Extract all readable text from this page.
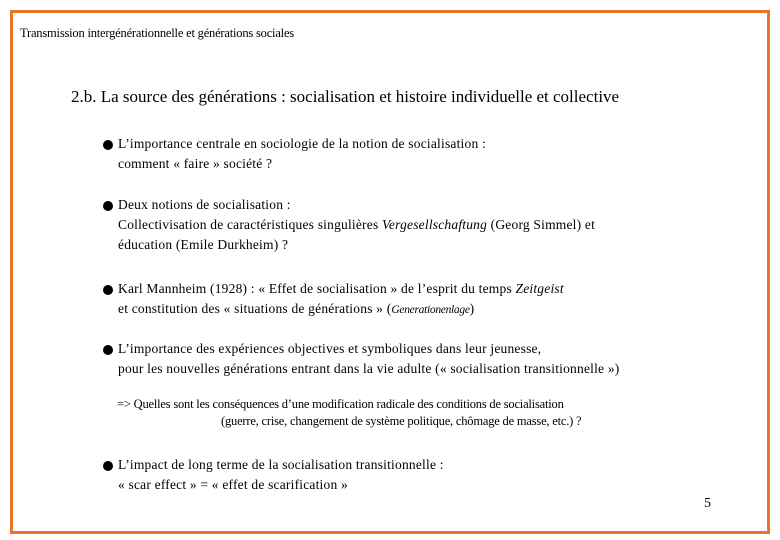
Transmission intergénérationnelle et générations sociales
2.b. La source des générations : socialisation et histoire individuelle et collective
L’importance centrale en sociologie de la notion de socialisation :
comment « faire » société ?
Deux notions de socialisation :
Collectivisation de caractéristiques singulières Vergesellschaftung (Georg Simmel) et
éducation (Emile Durkheim) ?
Karl Mannheim (1928) : « Effet de socialisation » de l’esprit du temps Zeitgeist
et constitution des « situations de générations » (Generationenlage)
L’importance des expériences objectives et symboliques dans leur jeunesse,
pour les nouvelles générations entrant dans la vie adulte (« socialisation transitionnelle »)
=> Quelles sont les conséquences d’une modification radicale des conditions de socialisation
(guerre, crise, changement de système politique, chômage de masse, etc.) ?
L’impact de long terme de la socialisation transitionnelle :
« scar effect » = « effet de scarification »
5
